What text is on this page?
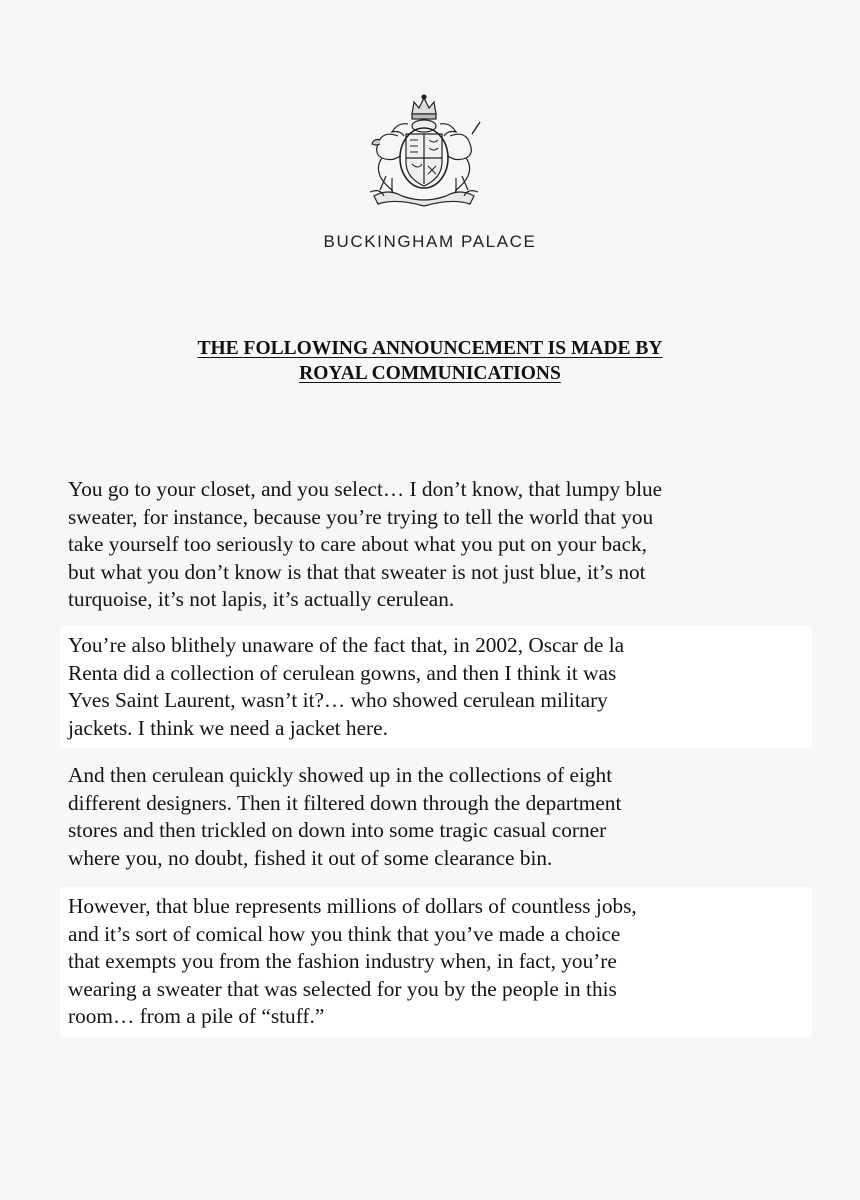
BUCKINGHAM PALACE
THE FOLLOWING ANNOUNCEMENT IS MADE BY
ROYAL COMMUNICATIONS
You go to your closet, and you select… I don’t know, that lumpy blue
sweater, for instance, because you’re trying to tell the world that you
take yourself too seriously to care about what you put on your back,
but what you don’t know is that that sweater is not just blue, it’s not
turquoise, it’s not lapis, it’s actually cerulean.
You’re also blithely unaware of the fact that, in 2002, Oscar de la
Renta did a collection of cerulean gowns, and then I think it was
Yves Saint Laurent, wasn’t it?… who showed cerulean military
jackets. I think we need a jacket here.
And then cerulean quickly showed up in the collections of eight
different designers. Then it filtered down through the department
stores and then trickled on down into some tragic casual corner
where you, no doubt, fished it out of some clearance bin.
However, that blue represents millions of dollars of countless jobs,
and it’s sort of comical how you think that you’ve made a choice
that exempts you from the fashion industry when, in fact, you’re
wearing a sweater that was selected for you by the people in this
room… from a pile of “stuff.”
